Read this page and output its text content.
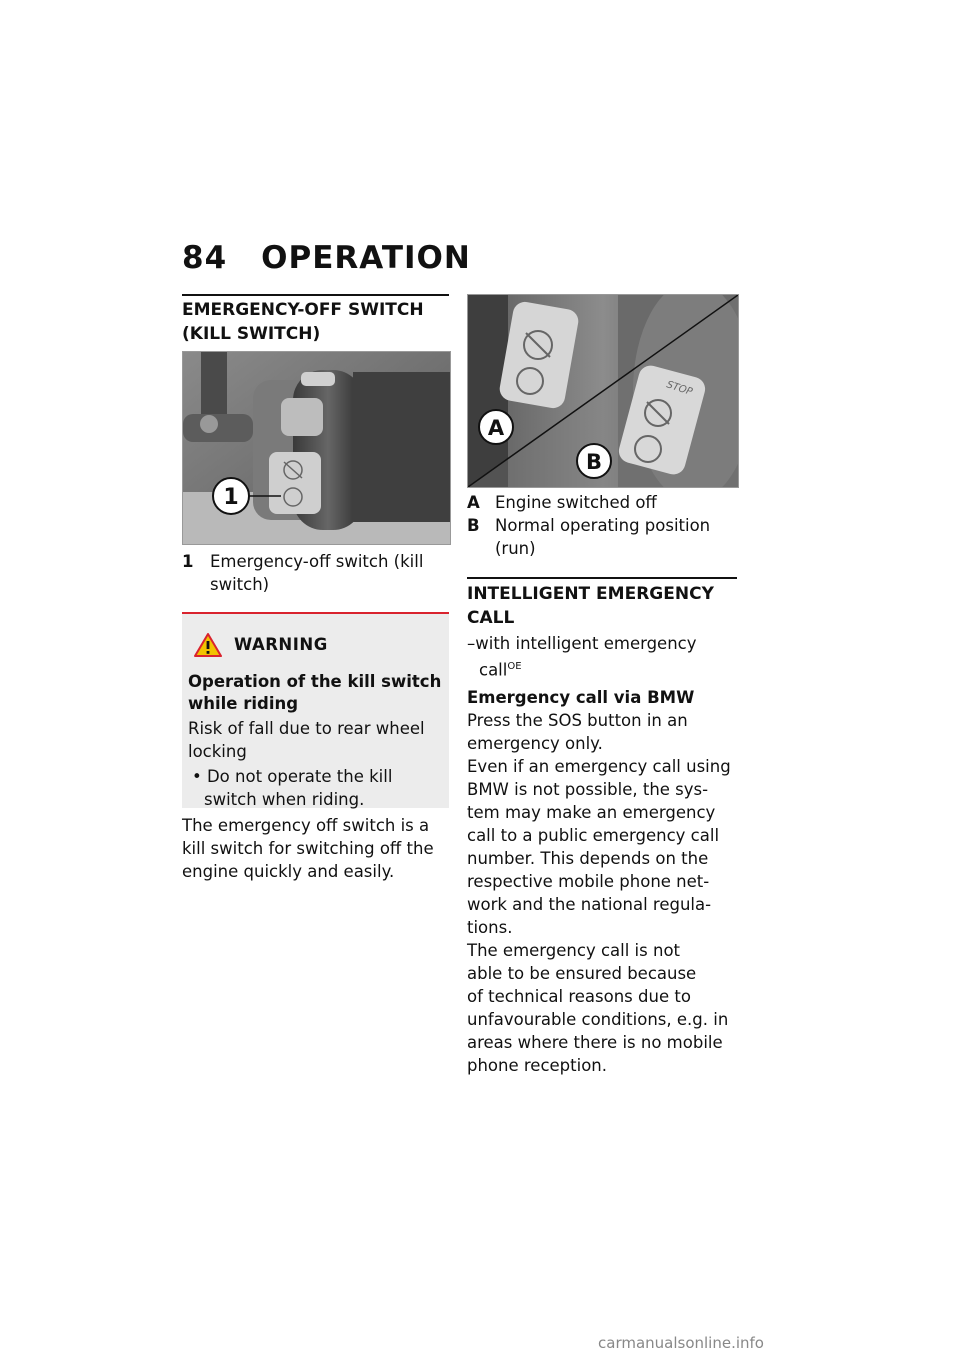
84 OPERATION
EMERGENCY-OFF SWITCH
(KILL SWITCH)
1
1	Emergency-off switch (kill
switch)
WARNING
Operation of the kill switch
while riding
Risk of fall due to rear wheel
locking
• Do not operate the kill
switch when riding.
The emergency off switch is a
kill switch for switching off the
engine quickly and easily.
STOP
A
B
A Engine switched off
B Normal operating position
(run)
INTELLIGENT EMERGENCY
CALL
–with intelligent emergency
call$^{OE}$
Emergency call via BMW
Press the SOS button in an
emergency only.
Even if an emergency call using
BMW is not possible, the sys-
tem may make an emergency
call to a public emergency call
number. This depends on the
respective mobile phone net-
work and the national regula-
tions.
The emergency call is not
able to be ensured because
of technical reasons due to
unfavourable conditions, e.g. in
areas where there is no mobile
phone reception.
carmanualsonline.info
